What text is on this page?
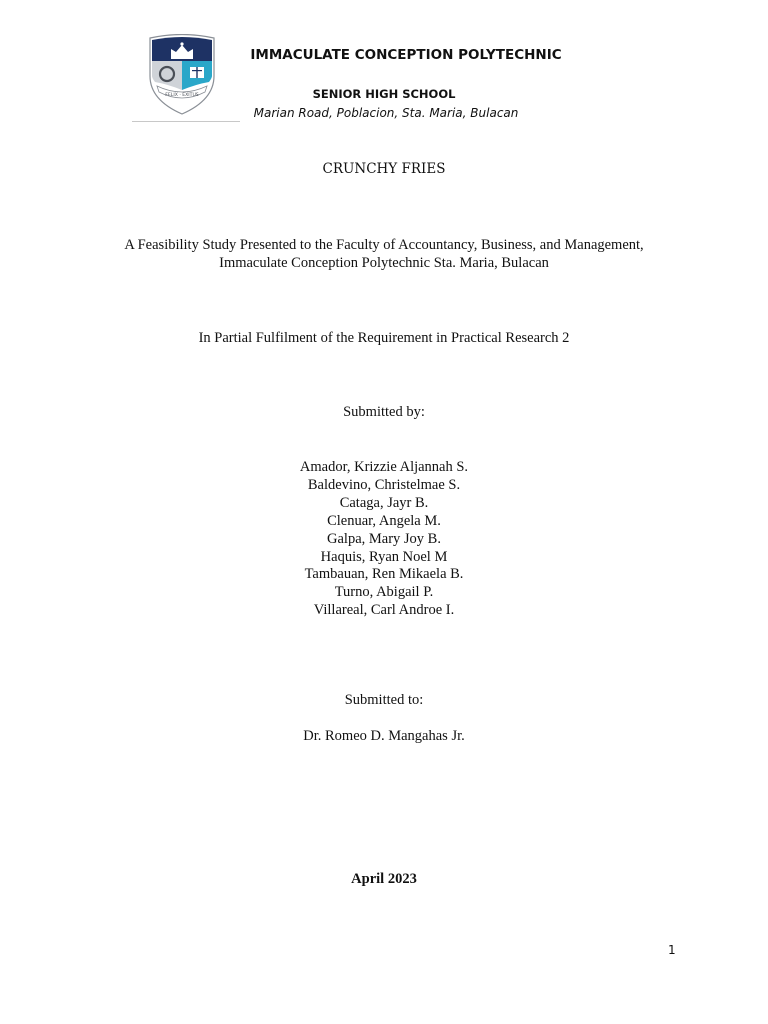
FELIX · EXITUS
IMMACULATE CONCEPTION POLYTECHNIC
SENIOR HIGH SCHOOL
Marian Road, Poblacion, Sta. Maria, Bulacan
CRUNCHY FRIES
A Feasibility Study Presented to the Faculty of Accountancy, Business, and Management,
Immaculate Conception Polytechnic Sta. Maria, Bulacan
In Partial Fulfilment of the Requirement in Practical Research 2
Submitted by:
Amador, Krizzie Aljannah S.
Baldevino, Christelmae S.
Cataga, Jayr B.
Clenuar, Angela M.
Galpa, Mary Joy B.
Haquis, Ryan Noel M
Tambauan, Ren Mikaela B.
Turno, Abigail P.
Villareal, Carl Androe I.
Submitted to:
Dr. Romeo D. Mangahas Jr.
April 2023
1
